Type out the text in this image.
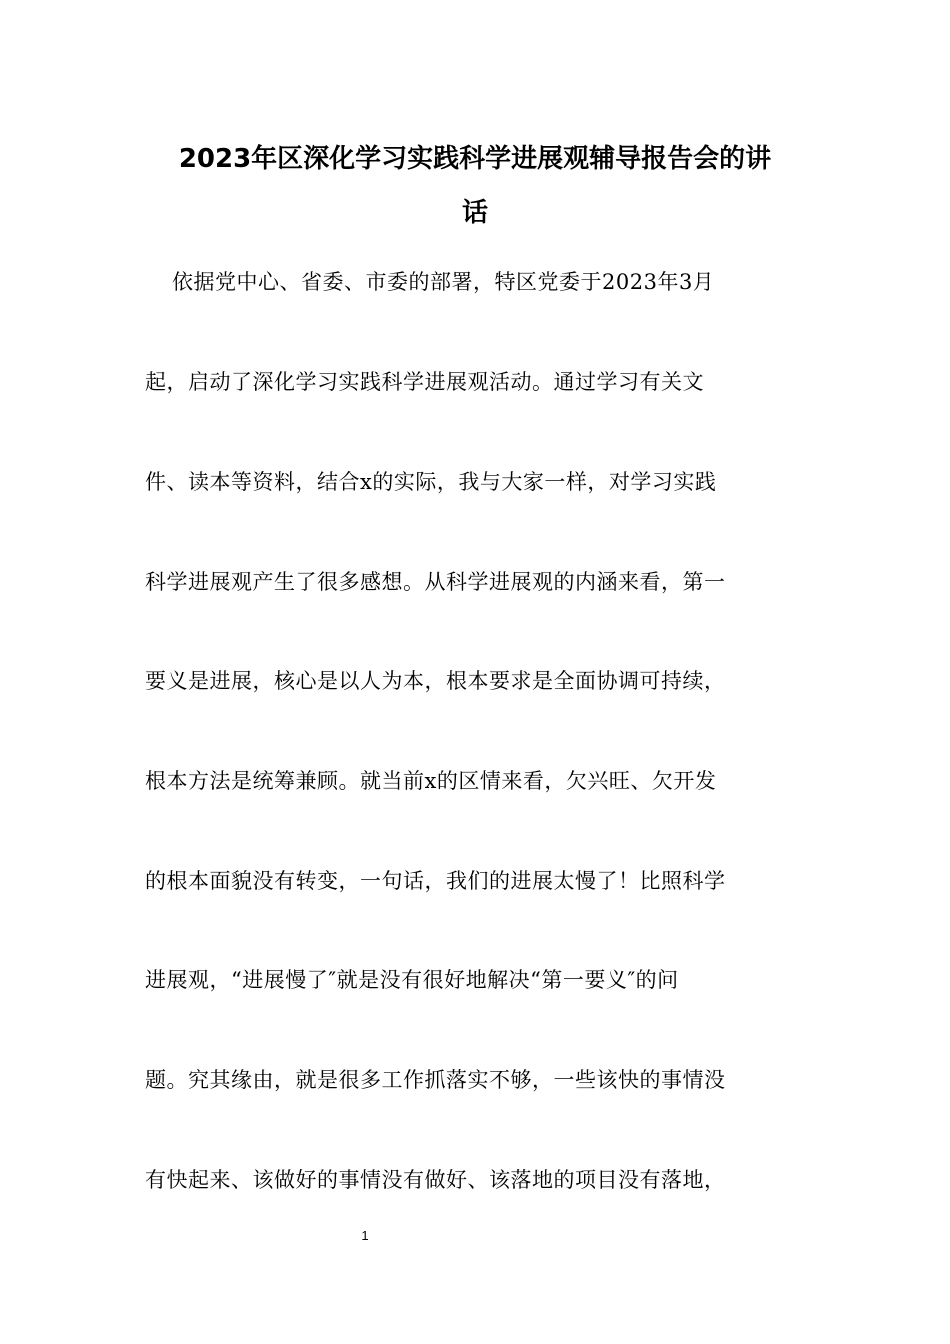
2023年区深化学习实践科学进展观辅导报告会的讲
话
依据党中心、省委、市委的部署，特区党委于2023年3月
起，启动了深化学习实践科学进展观活动。通过学习有关文
件、读本等资料，结合x的实际，我与大家一样，对学习实践
科学进展观产生了很多感想。从科学进展观的内涵来看，第一
要义是进展，核心是以人为本，根本要求是全面协调可持续，
根本方法是统筹兼顾。就当前x的区情来看，欠兴旺、欠开发
的根本面貌没有转变，一句话，我们的进展太慢了！比照科学
进展观，“进展慢了″就是没有很好地解决“第一要义″的问
题。究其缘由，就是很多工作抓落实不够，一些该快的事情没
有快起来、该做好的事情没有做好、该落地的项目没有落地，
1
